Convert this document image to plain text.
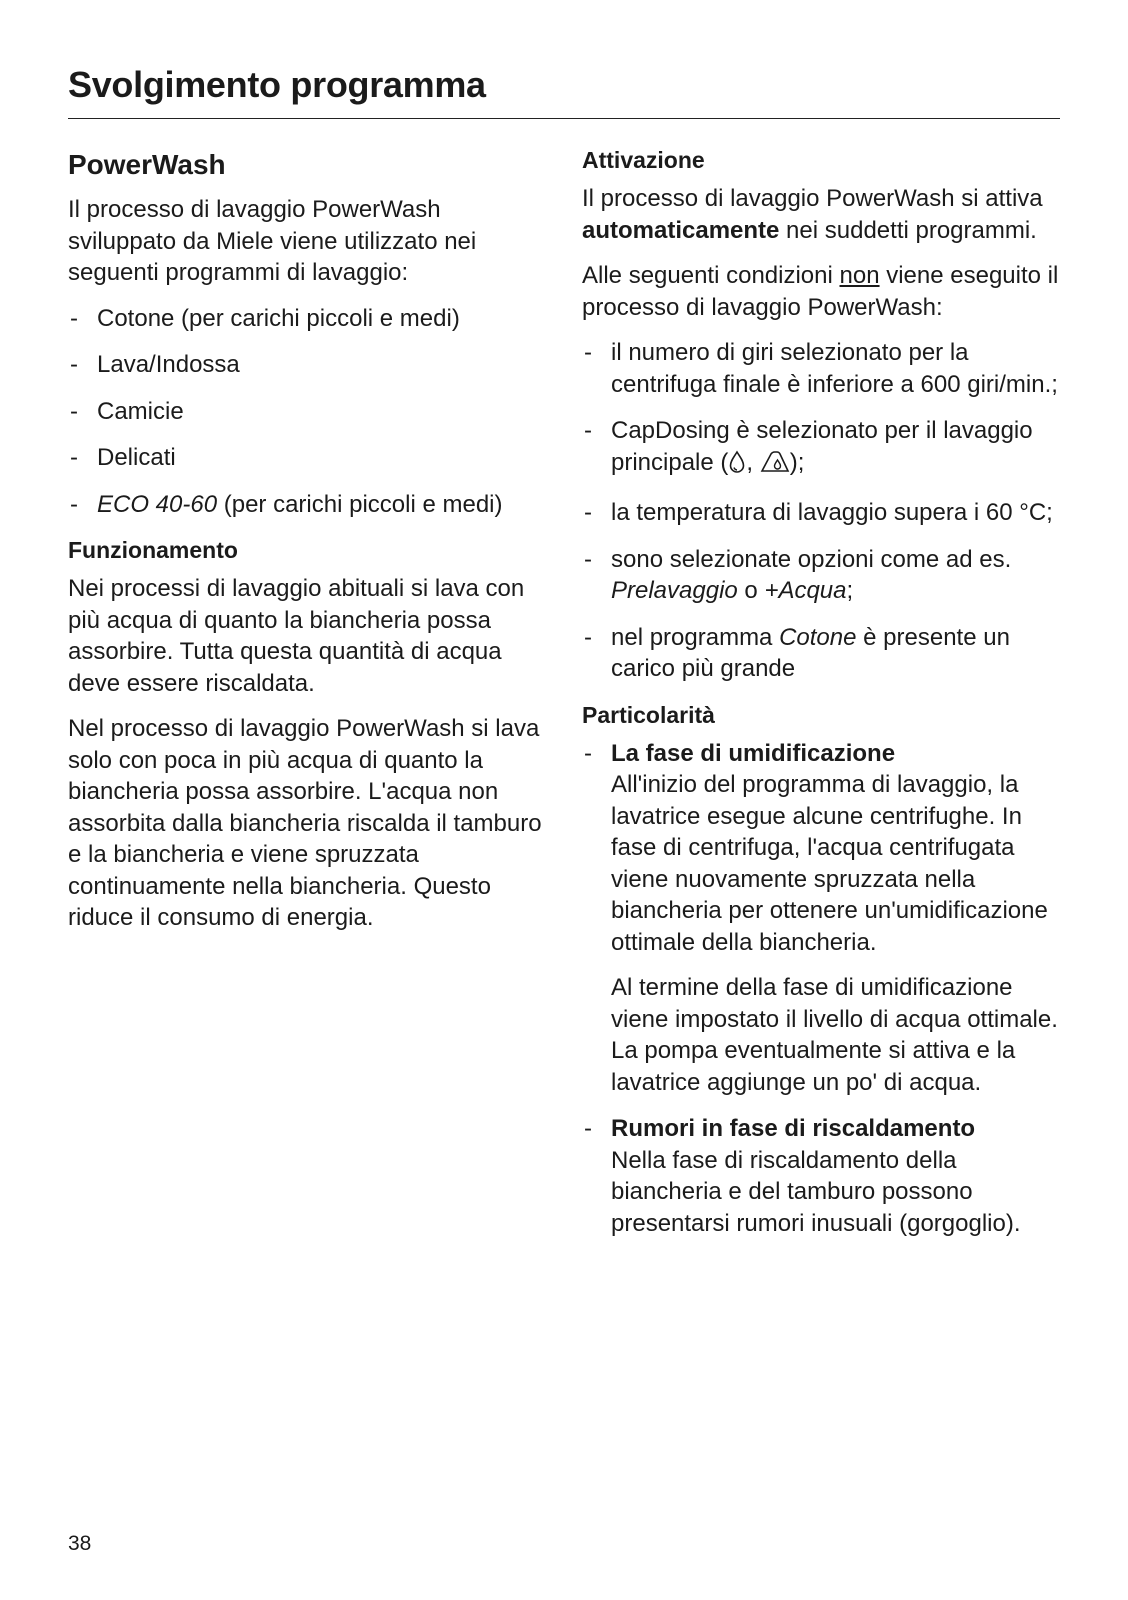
Svolgimento programma
PowerWash

Il processo di lavaggio PowerWash sviluppato da Miele viene utilizzato nei seguenti programmi di lavaggio:

- Cotone (per carichi piccoli e medi)
- Lava/Indossa
- Camicie
- Delicati
- ECO 40-60 (per carichi piccoli e medi)
Funzionamento

Nei processi di lavaggio abituali si lava con più acqua di quanto la biancheria possa assorbire. Tutta questa quantità di acqua deve essere riscaldata.

Nel processo di lavaggio PowerWash si lava solo con poca in più acqua di quanto la biancheria possa assorbire. L'acqua non assorbita dalla biancheria riscalda il tamburo e la biancheria e viene spruzzata continuamente nella biancheria. Questo riduce il consumo di energia.

Attivazione

Il processo di lavaggio PowerWash si attiva automaticamente nei suddetti programmi.

Alle seguenti condizioni non viene eseguito il processo di lavaggio PowerWash:

- il numero di giri selezionato per la centrifuga finale è inferiore a 600 giri/min.;
- CapDosing è selezionato per il lavaggio principale ( , );
- la temperatura di lavaggio supera i 60 °C;
- sono selezionate opzioni come ad es. Prelavaggio o +Acqua;
- nel programma Cotone è presente un carico più grande
Particolarità
- La fase di umidificazione
All'inizio del programma di lavaggio, la lavatrice esegue alcune centrifughe. In fase di centrifuga, l'acqua centrifugata viene nuovamente spruzzata nella biancheria per ottenere un'umidificazione ottimale della biancheria.
Al termine della fase di umidificazione viene impostato il livello di acqua ottimale. La pompa eventualmente si attiva e la lavatrice aggiunge un po' di acqua.
- Rumori in fase di riscaldamento
Nella fase di riscaldamento della biancheria e del tamburo possono presentarsi rumori inusuali (gorgoglio).
38
